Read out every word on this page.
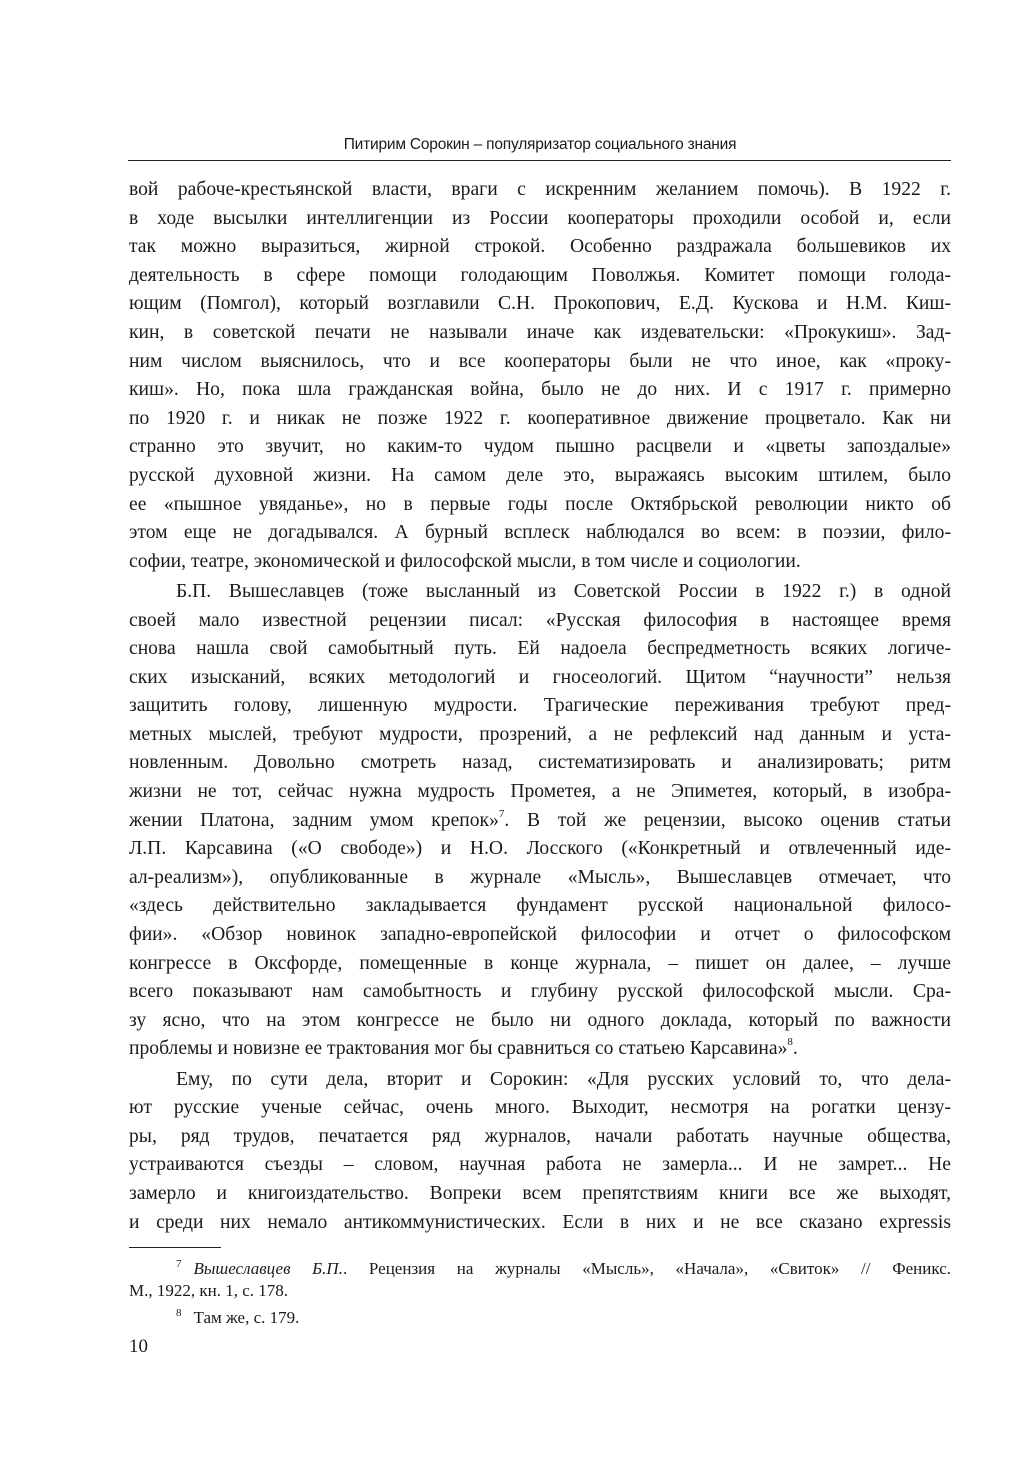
Питирим Сорокин – популяризатор социального знания
вой рабоче-крестьянской власти, враги с искренним желанием помочь). В 1922 г.
в ходе высылки интеллигенции из России кооператоры проходили особой и, если
так можно выразиться, жирной строкой. Особенно раздражала большевиков их
деятельность в сфере помощи голодающим Поволжья. Комитет помощи голода-
ющим (Помгол), который возглавили С.Н. Прокопович, Е.Д. Кускова и Н.М. Киш-
кин, в советской печати не называли иначе как издевательски: «Прокукиш». Зад-
ним числом выяснилось, что и все кооператоры были не что иное, как «проку-
киш». Но, пока шла гражданская война, было не до них. И с 1917 г. примерно
по 1920 г. и никак не позже 1922 г. кооперативное движение процветало. Как ни
странно это звучит, но каким-то чудом пышно расцвели и «цветы запоздалые»
русской духовной жизни. На самом деле это, выражаясь высоким штилем, было
ее «пышное увяданье», но в первые годы после Октябрьской революции никто об
этом еще не догадывался. А бурный всплеск наблюдался во всем: в поэзии, фило-
софии, театре, экономической и философской мысли, в том числе и социологии.
Б.П. Вышеславцев (тоже высланный из Советской России в 1922 г.) в одной
своей мало известной рецензии писал: «Русская философия в настоящее время
снова нашла свой самобытный путь. Ей надоела беспредметность всяких логиче-
ских изысканий, всяких методологий и гносеологий. Щитом “научности” нельзя
защитить голову, лишенную мудрости. Трагические переживания требуют пред-
метных мыслей, требуют мудрости, прозрений, а не рефлексий над данным и уста-
новленным. Довольно смотреть назад, систематизировать и анализировать; ритм
жизни не тот, сейчас нужна мудрость Прометея, а не Эпиметея, который, в изобра-
жении Платона, задним умом крепок»$^7$. В той же рецензии, высоко оценив статьи
Л.П. Карсавина («О свободе») и Н.О. Лосского («Конкретный и отвлеченный иде-
ал-реализм»), опубликованные в журнале «Мысль», Вышеславцев отмечает, что
«здесь действительно закладывается фундамент русской национальной филосо-
фии». «Обзор новинок западно-европейской философии и отчет о философском
конгрессе в Оксфорде, помещенные в конце журнала, – пишет он далее, – лучше
всего показывают нам самобытность и глубину русской философской мысли. Сра-
зу ясно, что на этом конгрессе не было ни одного доклада, который по важности
проблемы и новизне ее трактования мог бы сравниться со статьею Карсавина»$^8$.
Ему, по сути дела, вторит и Сорокин: «Для русских условий то, что дела-
ют русские ученые сейчас, очень много. Выходит, несмотря на рогатки цензу-
ры, ряд трудов, печатается ряд журналов, начали работать научные общества,
устраиваются съезды – словом, научная работа не замерла... И не замрет... Не
замерло и книгоиздательство. Вопреки всем препятствиям книги все же выходят,
и среди них немало антикоммунистических. Если в них и не все сказано expressis
$^7$ Вышеславцев Б.П.. Рецензия на журналы «Мысль», «Начала», «Свиток» // Феникс.
М., 1922, кн. 1, с. 178.
$^8$ Там же, с. 179.
10
